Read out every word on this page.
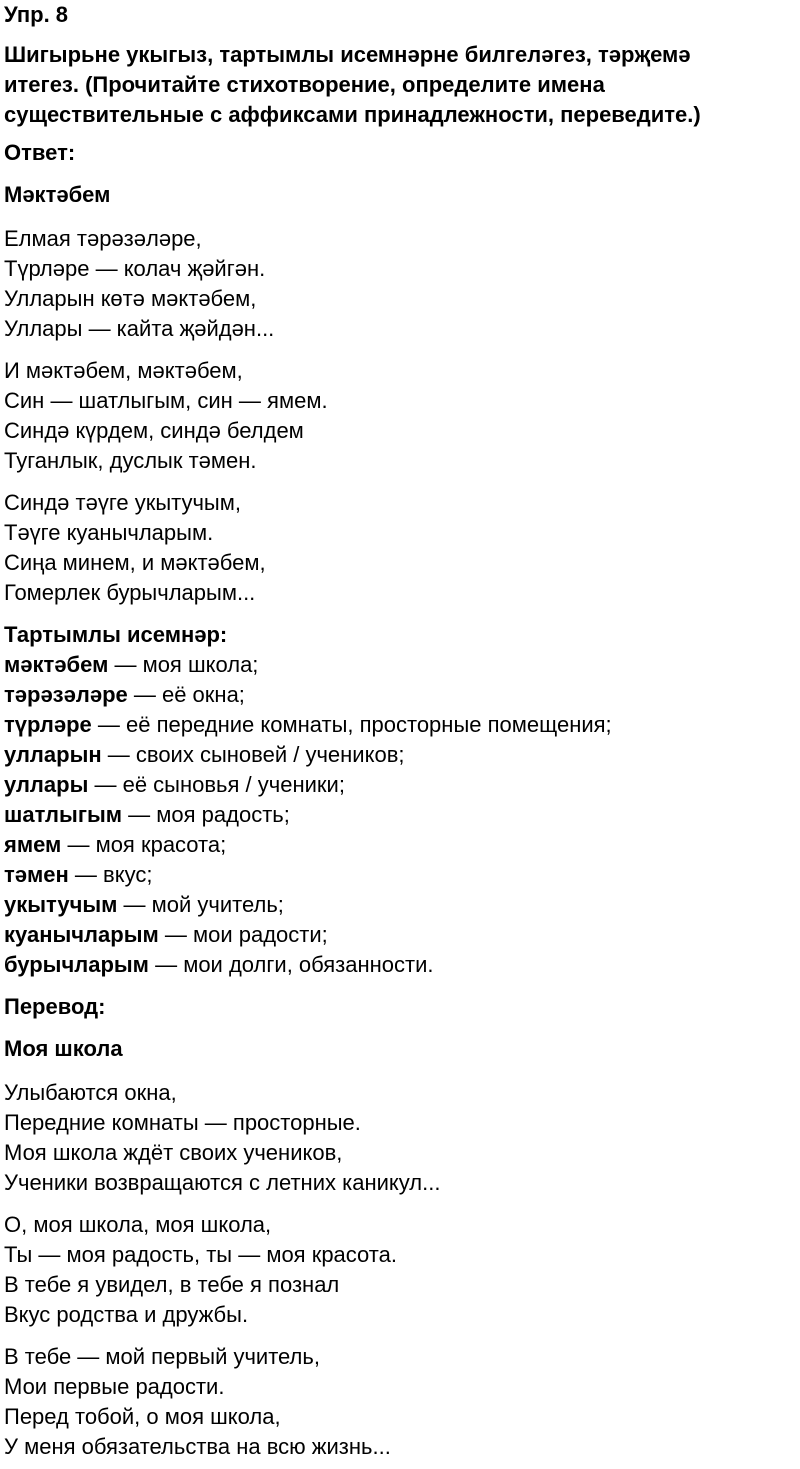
Упр. 8
Шигырьне укыгыз, тартымлы исемнәрне билгеләгез, тәрҗемә
итегез. (Прочитайте стихотворение, определите имена
существительные с аффиксами принадлежности, переведите.)
Ответ:
Мәктәбем
Елмая тәрәзәләре,
Түрләре — колач җәйгән.
Улларын көтә мәктәбем,
Уллары — кайта җәйдән...
И мәктәбем, мәктәбем,
Син — шатлыгым, син — ямем.
Синдә күрдем, синдә белдем
Туганлык, дуслык тәмен.
Синдә тәүге укытучым,
Тәүге куанычларым.
Сиңа минем, и мәктәбем,
Гомерлек бурычларым...
Тартымлы исемнәр:
мәктәбем — моя школа;
тәрәзәләре — её окна;
түрләре — её передние комнаты, просторные помещения;
улларын — своих сыновей / учеников;
уллары — её сыновья / ученики;
шатлыгым — моя радость;
ямем — моя красота;
тәмен — вкус;
укытучым — мой учитель;
куанычларым — мои радости;
бурычларым — мои долги, обязанности.
Перевод:
Моя школа
Улыбаются окна,
Передние комнаты — просторные.
Моя школа ждёт своих учеников,
Ученики возвращаются с летних каникул...
О, моя школа, моя школа,
Ты — моя радость, ты — моя красота.
В тебе я увидел, в тебе я познал
Вкус родства и дружбы.
В тебе — мой первый учитель,
Мои первые радости.
Перед тобой, о моя школа,
У меня обязательства на всю жизнь...
